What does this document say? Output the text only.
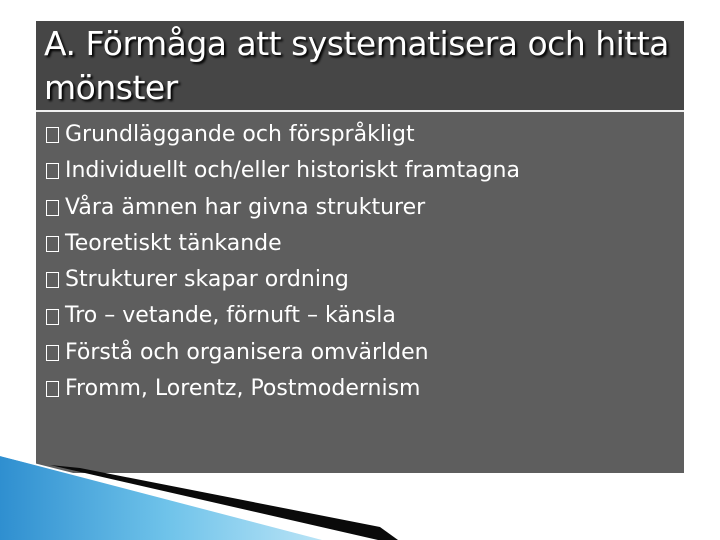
A. Förmåga att systematisera och hitta mönster
Grundläggande och förspråkligt
Individuellt och/eller historiskt framtagna
Våra ämnen har givna strukturer
Teoretiskt tänkande
Strukturer skapar ordning
Tro – vetande, förnuft – känsla
Förstå och organisera omvärlden
Fromm, Lorentz, Postmodernism
